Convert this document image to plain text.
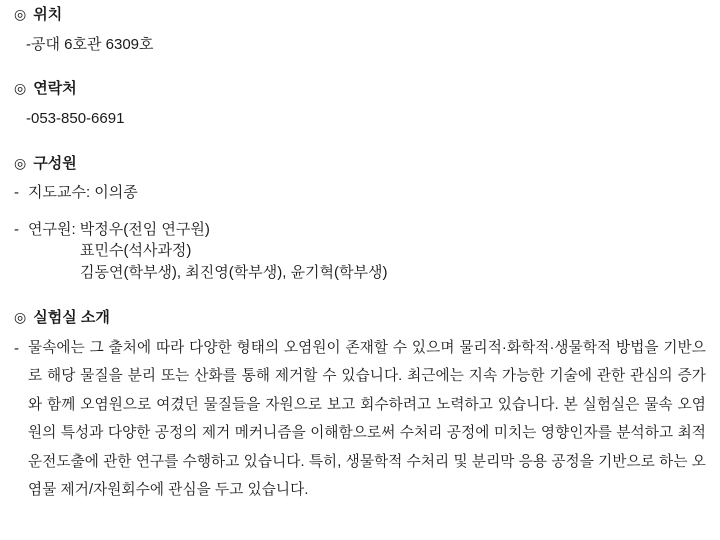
◎ 위치
-공대 6호관 6309호
◎ 연락처
-053-850-6691
◎ 구성원
- 지도교수: 이의종
- 연구원: 박정우(전임 연구원)
표민수(석사과정)
김동연(학부생), 최진영(학부생), 윤기혁(학부생)
◎ 실험실 소개
- 물속에는 그 출처에 따라 다양한 형태의 오염원이 존재할 수 있으며 물리적·화학적·생물학적 방법을 기반으로 해당 물질을 분리 또는 산화를 통해 제거할 수 있습니다. 최근에는 지속 가능한 기술에 관한 관심의 증가와 함께 오염원으로 여겼던 물질들을 자원으로 보고 회수하려고 노력하고 있습니다. 본 실험실은 물속 오염원의 특성과 다양한 공정의 제거 메커니즘을 이해함으로써 수처리 공정에 미치는 영향인자를 분석하고 최적 운전도출에 관한 연구를 수행하고 있습니다. 특히, 생물학적 수처리 및 분리막 응용 공정을 기반으로 하는 오염물 제거/자원회수에 관심을 두고 있습니다.
